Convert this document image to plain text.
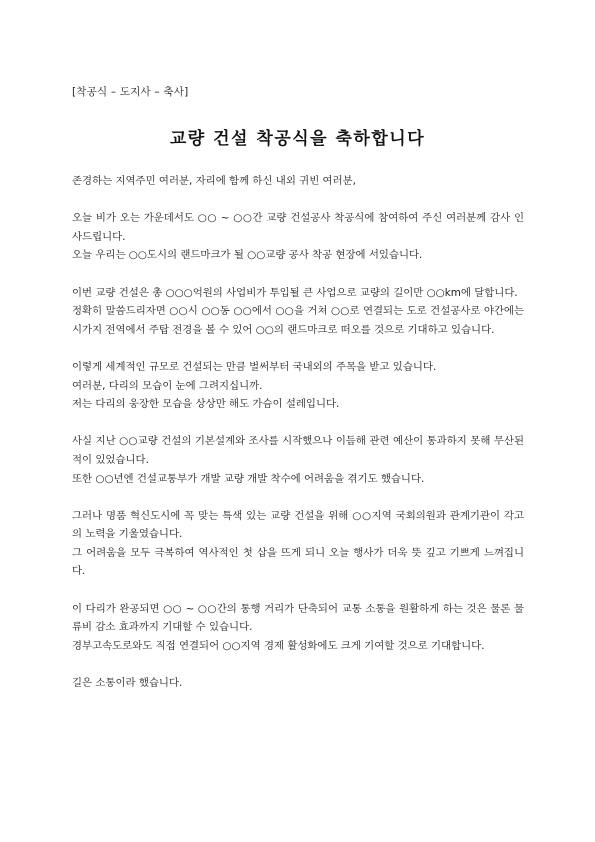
[착공식 – 도지사 – 축사]
교량 건설 착공식을 축하합니다

존경하는 지역주민 여러분, 자리에 함께 하신 내외 귀빈 여러분,

오늘 비가 오는 가운데서도 ○○ ~ ○○간 교량 건설공사 착공식에 참여하여 주신 여러분께 감사 인사드립니다.

오늘 우리는 ○○도시의 랜드마크가 될 ○○교량 공사 착공 현장에 서있습니다.

이번 교량 건설은 총 ○○○억원의 사업비가 투입될 큰 사업으로 교량의 길이만 ○○km에 달합니다.

정확히 말씀드리자면 ○○시 ○○동 ○○에서 ○○을 거쳐 ○○로 연결되는 도로 건설공사로 야간에는 시가지 전역에서 주탑 전경을 볼 수 있어 ○○의 랜드마크로 떠오를 것으로 기대하고 있습니다.

이렇게 세계적인 규모로 건설되는 만큼 벌써부터 국내외의 주목을 받고 있습니다.

여러분, 다리의 모습이 눈에 그려지십니까.

저는 다리의 웅장한 모습을 상상만 해도 가슴이 설레입니다.

사실 지난 ○○교량 건설의 기본설계와 조사를 시작했으나 이듬해 관련 예산이 통과하지 못해 무산된 적이 있었습니다.

또한 ○○년엔 건설교통부가 개발 교량 개발 착수에 어려움을 겪기도 했습니다.

그러나 명품 혁신도시에 꼭 맞는 특색 있는 교량 건설을 위해 ○○지역 국회의원과 관계기관이 각고의 노력을 기울였습니다.

그 어려움을 모두 극복하여 역사적인 첫 삽을 뜨게 되니 오늘 행사가 더욱 뜻 깊고 기쁘게 느껴집니다.

이 다리가 완공되면 ○○ ~ ○○간의 통행 거리가 단축되어 교통 소통을 원활하게 하는 것은 물론 물류비 감소 효과까지 기대할 수 있습니다.

경부고속도로와도 직접 연결되어 ○○지역 경제 활성화에도 크게 기여할 것으로 기대합니다.

길은 소통이라 했습니다.
